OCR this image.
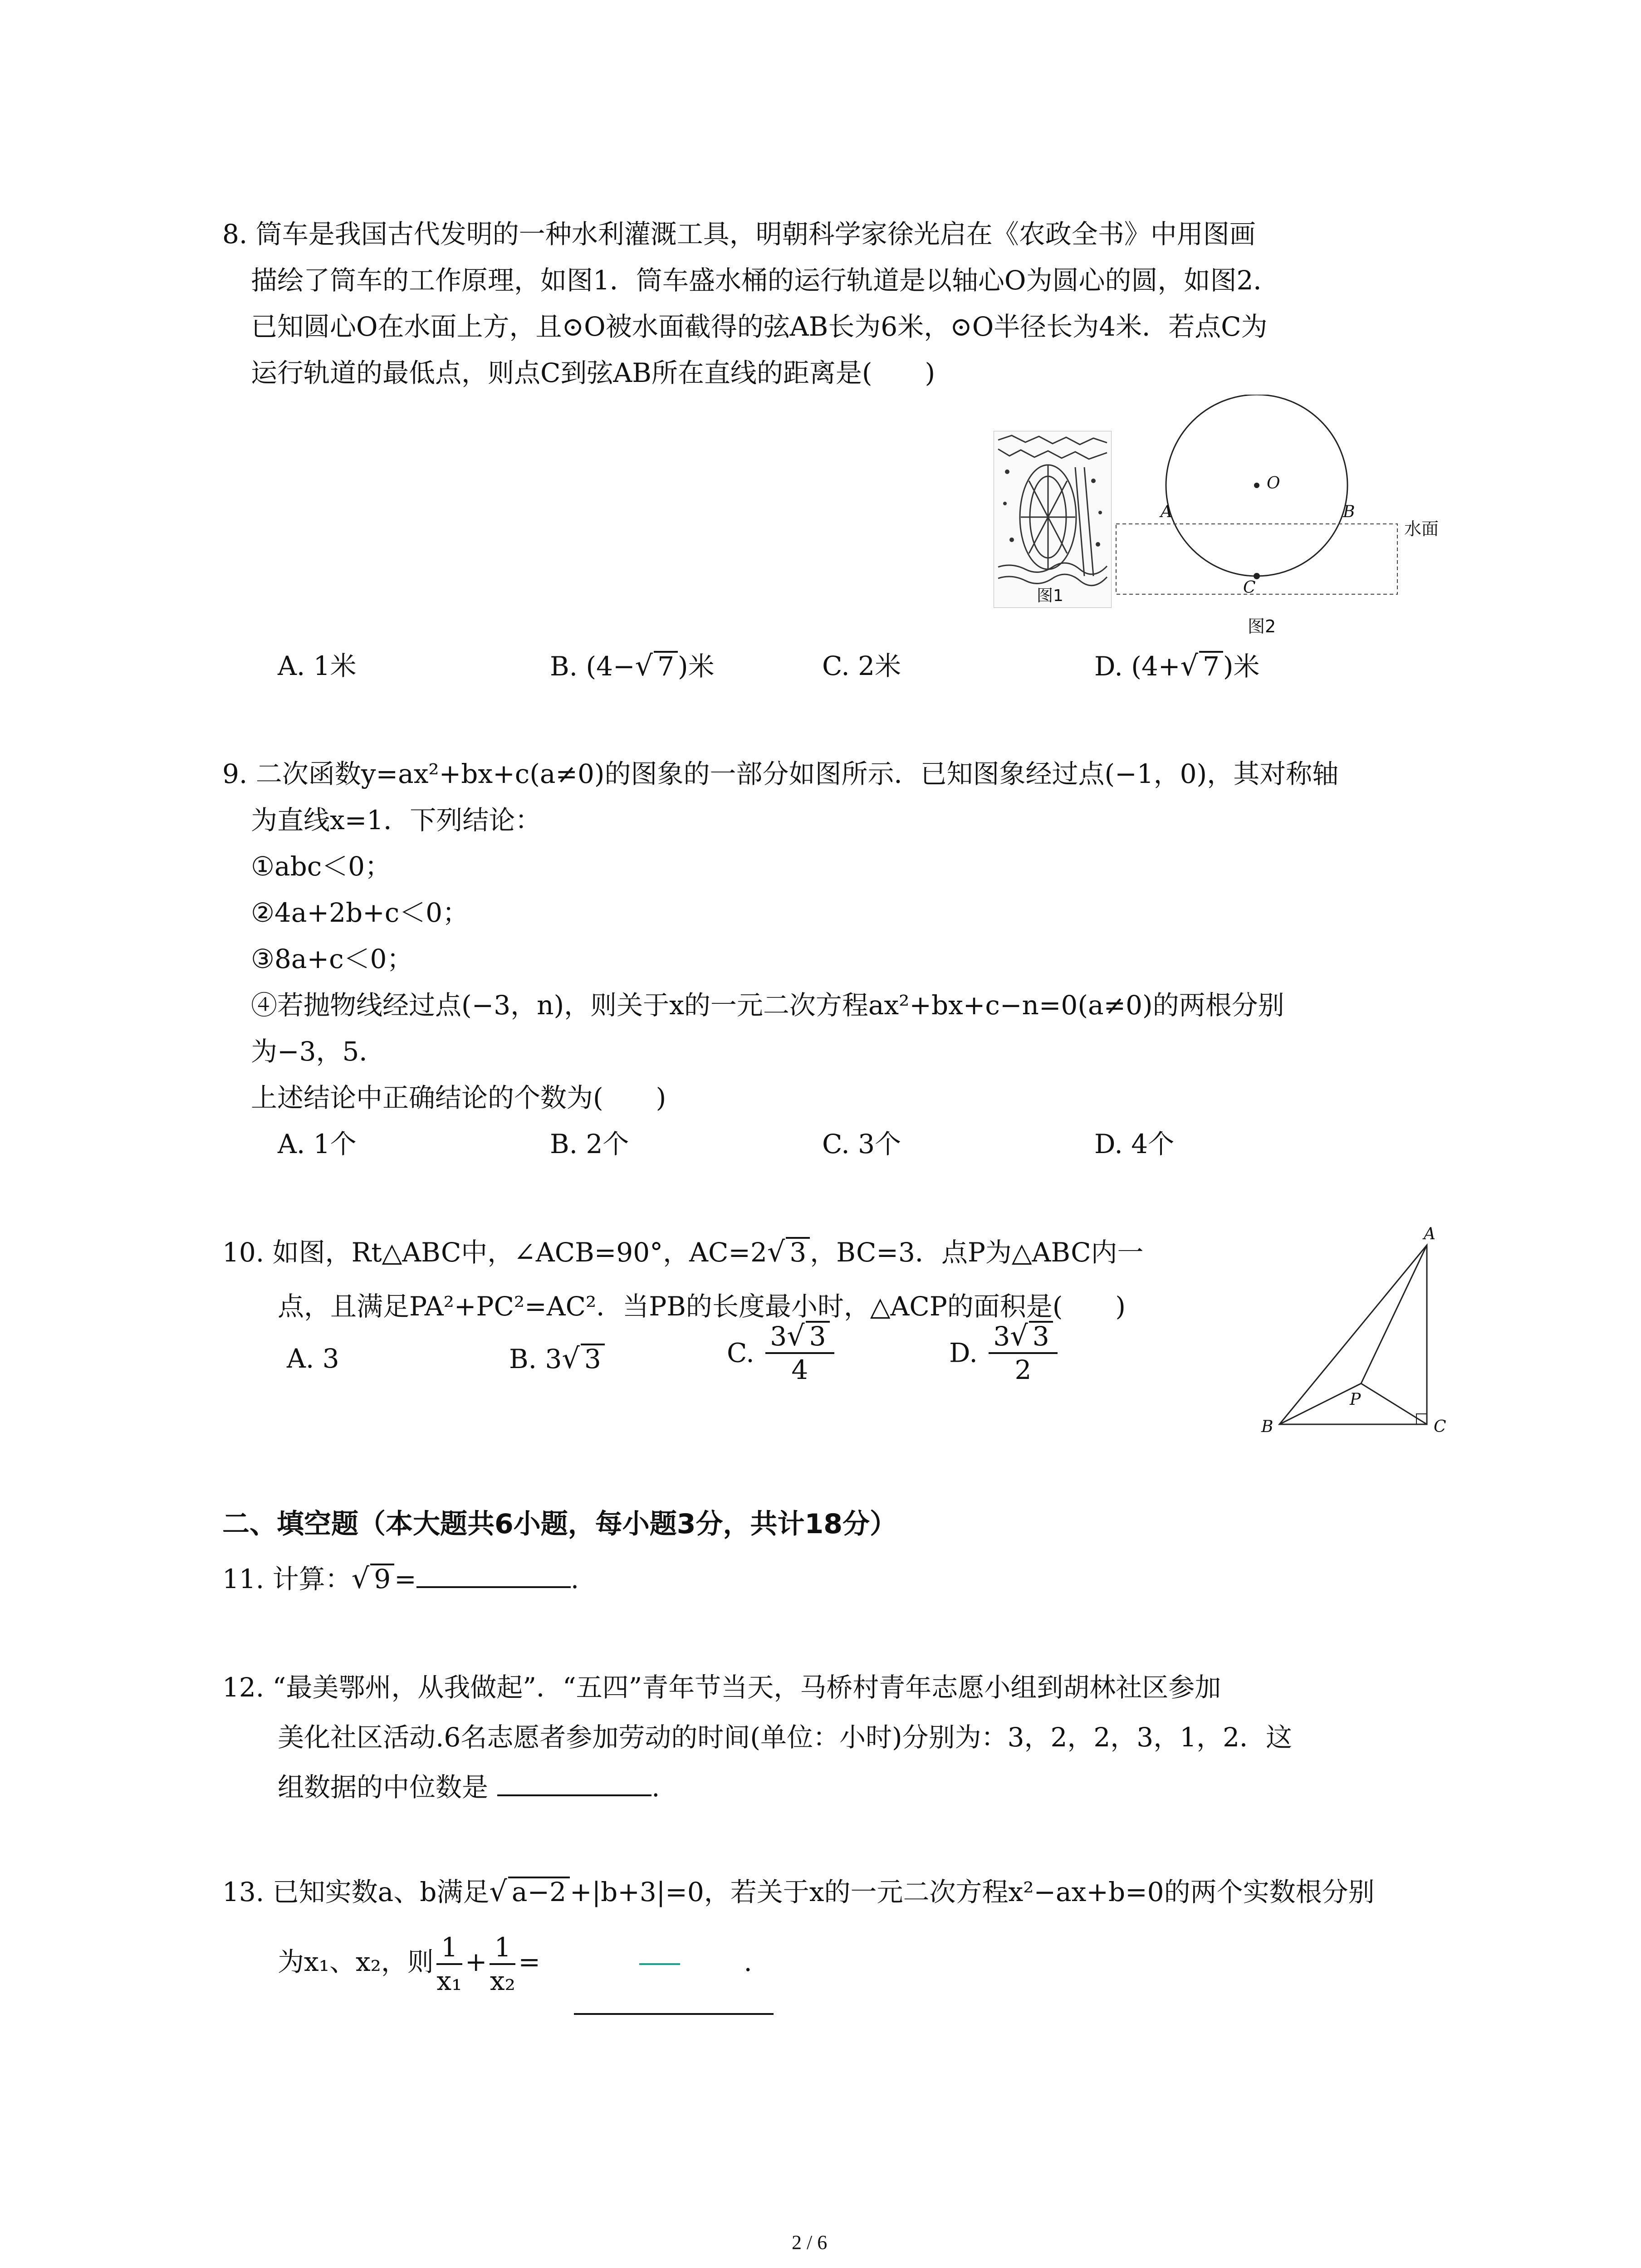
8. 筒车是我国古代发明的一种水利灌溉工具，明朝科学家徐光启在《农政全书》中用图画
描绘了筒车的工作原理，如图1．筒车盛水桶的运行轨道是以轴心O为圆心的圆，如图2．
已知圆心O在水面上方，且⊙O被水面截得的弦AB长为6米，⊙O半径长为4米．若点C为
运行轨道的最低点，则点C到弦AB所在直线的距离是(　　)
图1
O
A	B
C
水面
图2
A. 1米	B. (4−√ 7 )米	C. 2米	D. (4+√ 7 )米
9. 二次函数y=ax²+bx+c(a≠0)的图象的一部分如图所示．已知图象经过点(−1，0)，其对称轴
为直线x=1．下列结论：
①abc＜0；
②4a+2b+c＜0；
③8a+c＜0；
④若抛物线经过点(−3，n)，则关于x的一元二次方程ax²+bx+c−n=0(a≠0)的两根分别
为−3，5．
上述结论中正确结论的个数为(　　)
A. 1个	B. 2个	C. 3个	D. 4个
10. 如图，Rt△ABC中，∠ACB=90°，AC=2√ 3 ，BC=3．点P为△ABC内一
点，且满足PA²+PC²=AC²．当PB的长度最小时，△ACP的面积是(　　)
A. 3	B. 3√ 3	C. $\frac{3√ 3}{4}$	D. $\frac{3√ 3}{2}$
A
B	C
P
二、填空题（本大题共6小题，每小题3分，共计18分）
11. 计算：√ 9 =	.
12. “最美鄂州，从我做起”．“五四”青年节当天，马桥村青年志愿小组到胡林社区参加
美化社区活动.6名志愿者参加劳动的时间(单位：小时)分别为：3，2，2，3，1，2．这
组数据的中位数是	.
13. 已知实数a、b满足√ a−2 +|b+3|=0，若关于x的一元二次方程x²−ax+b=0的两个实数根分别
为x₁、x₂，则 $\frac{1}{\text{x₁}} + \frac{1}{\text{x₂}}$ =	.
2 / 6
